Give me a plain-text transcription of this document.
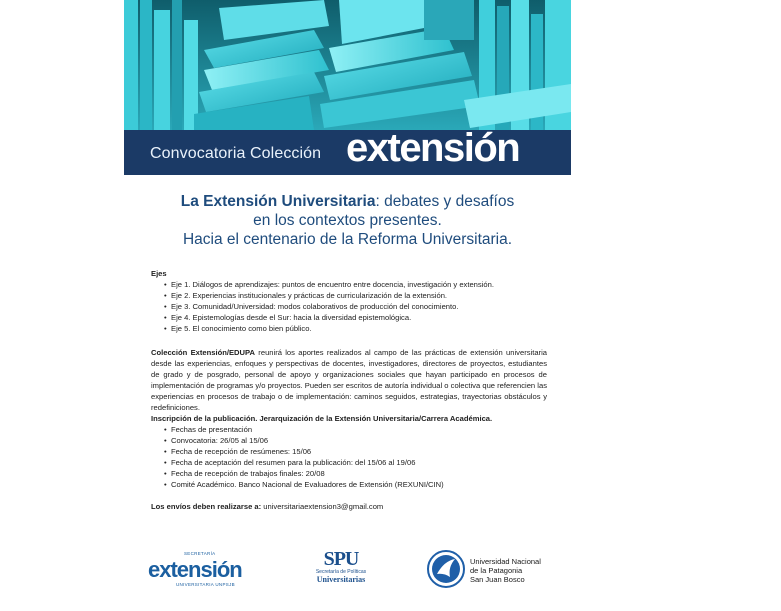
Convocatoria Colección extensión
La Extensión Universitaria: debates y desafíos
en los contextos presentes.
Hacia el centenario de la Reforma Universitaria.

Ejes

• Eje 1. Diálogos de aprendizajes: puntos de encuentro entre docencia, investigación y extensión.
• Eje 2. Experiencias institucionales y prácticas de curricularización de la extensión.
• Eje 3. Comunidad/Universidad: modos colaborativos de producción del conocimiento.
• Eje 4. Epistemologías desde el Sur: hacia la diversidad epistemológica.
• Eje 5. El conocimiento como bien público.

Colección Extensión/EDUPA reunirá los aportes realizados al campo de las prácticas de extensión universitaria desde las experiencias, enfoques y perspectivas de docentes, investigadores, directores de proyectos, estudiantes de grado y de posgrado, personal de apoyo y organizaciones sociales que hayan participado en procesos de implementación de programas y/o proyectos. Pueden ser escritos de autoría individual o colectiva que referencien las experiencias en procesos de trabajo o de implementación: caminos seguidos, estrategias, trayectorias obstáculos y redefiniciones.

Inscripción de la publicación. Jerarquización de la Extensión Universitaria/Carrera Académica.

• Fechas de presentación
• Convocatoria: 26/05 al 15/06
• Fecha de recepción de resúmenes: 15/06
• Fecha de aceptación del resumen para la publicación: del 15/06 al 19/06
• Fecha de recepción de trabajos finales: 20/08
• Comité Académico. Banco Nacional de Evaluadores de Extensión (REXUNI/CIN)

Los envíos deben realizarse a: universitariaextension3@gmail.com

SECRETARÍA
extensión
UNIVERSITARIA UNPSJB
SPU
Secretaría de Políticas
Universitarias
Universidad Nacional
de la Patagonia
San Juan Bosco
